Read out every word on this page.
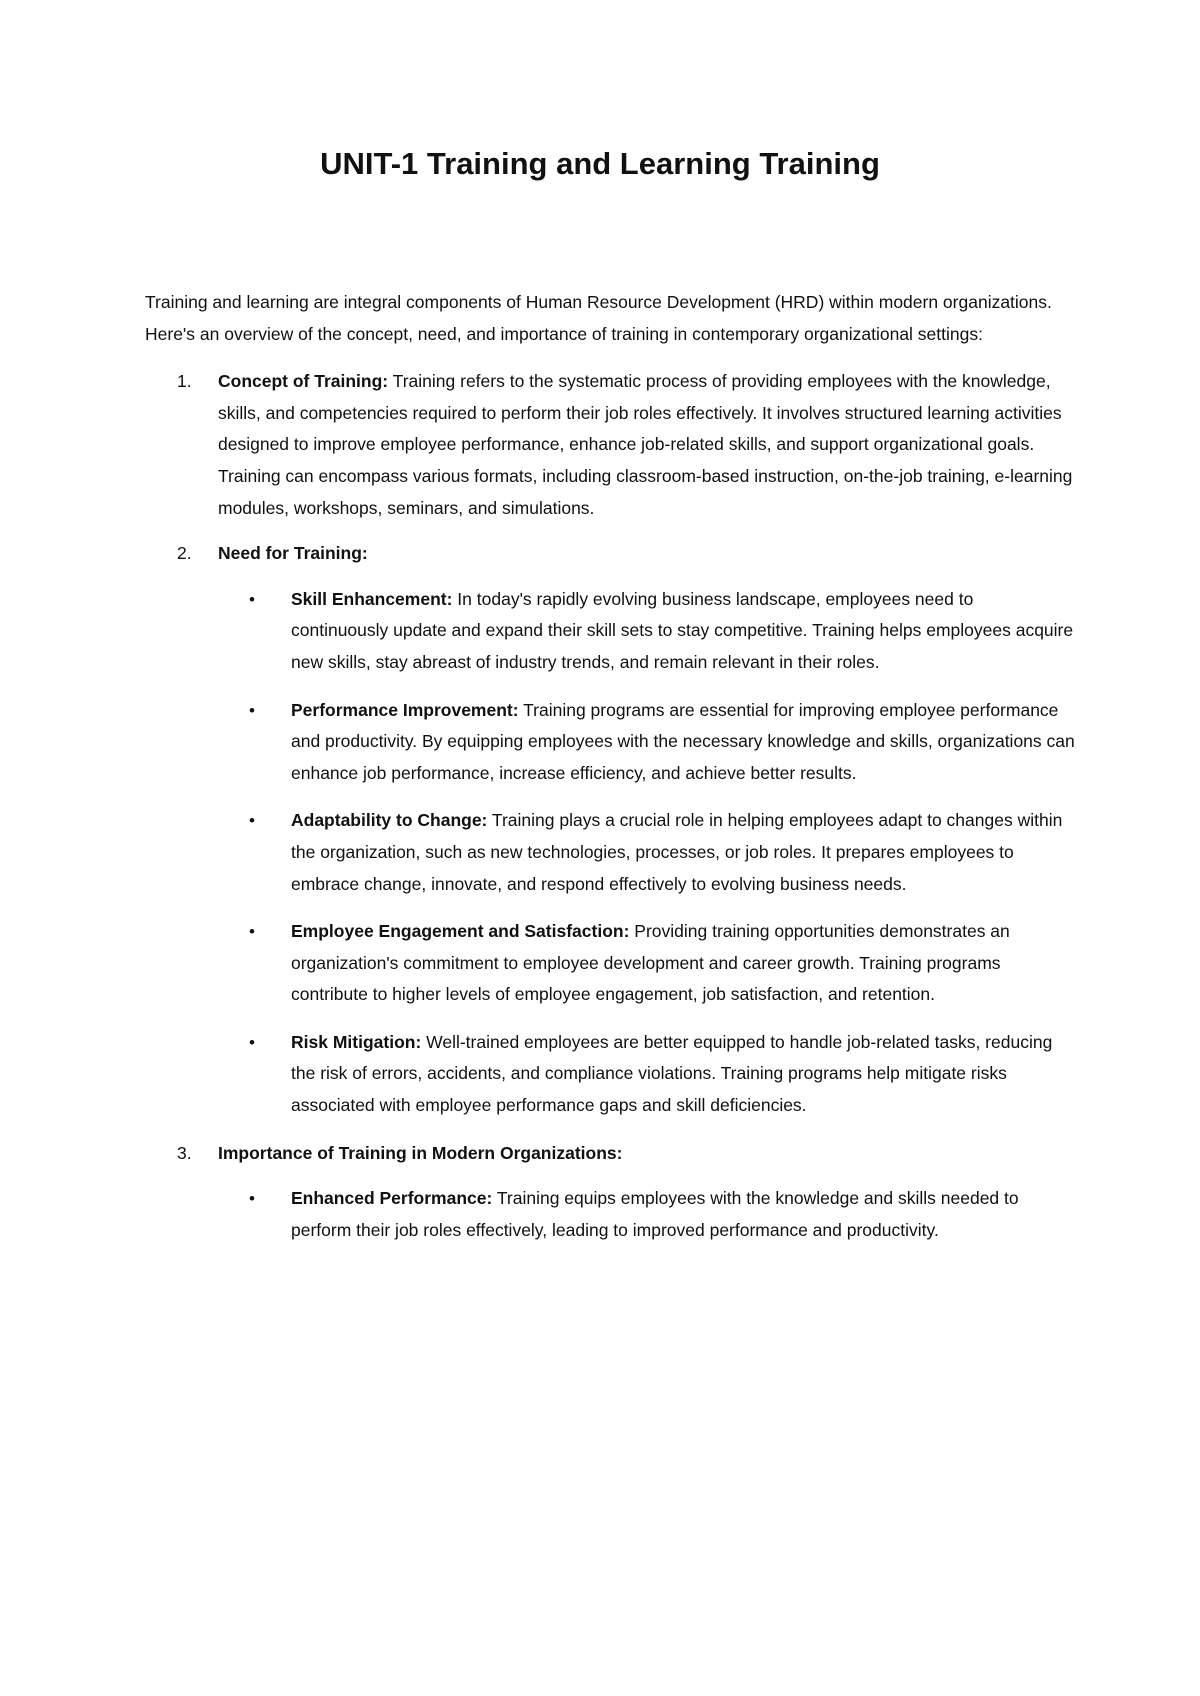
UNIT-1 Training and Learning Training

Training and learning are integral components of Human Resource Development (HRD) within modern organizations. Here's an overview of the concept, need, and importance of training in contemporary organizational settings:

1. Concept of Training: Training refers to the systematic process of providing employees with the knowledge, skills, and competencies required to perform their job roles effectively. It involves structured learning activities designed to improve employee performance, enhance job-related skills, and support organizational goals. Training can encompass various formats, including classroom-based instruction, on-the-job training, e-learning modules, workshops, seminars, and simulations.

2. Need for Training:

• Skill Enhancement: In today's rapidly evolving business landscape, employees need to continuously update and expand their skill sets to stay competitive. Training helps employees acquire new skills, stay abreast of industry trends, and remain relevant in their roles.

• Performance Improvement: Training programs are essential for improving employee performance and productivity. By equipping employees with the necessary knowledge and skills, organizations can enhance job performance, increase efficiency, and achieve better results.

• Adaptability to Change: Training plays a crucial role in helping employees adapt to changes within the organization, such as new technologies, processes, or job roles. It prepares employees to embrace change, innovate, and respond effectively to evolving business needs.

• Employee Engagement and Satisfaction: Providing training opportunities demonstrates an organization's commitment to employee development and career growth. Training programs contribute to higher levels of employee engagement, job satisfaction, and retention.

• Risk Mitigation: Well-trained employees are better equipped to handle job-related tasks, reducing the risk of errors, accidents, and compliance violations. Training programs help mitigate risks associated with employee performance gaps and skill deficiencies.

3. Importance of Training in Modern Organizations:

• Enhanced Performance: Training equips employees with the knowledge and skills needed to perform their job roles effectively, leading to improved performance and productivity.
